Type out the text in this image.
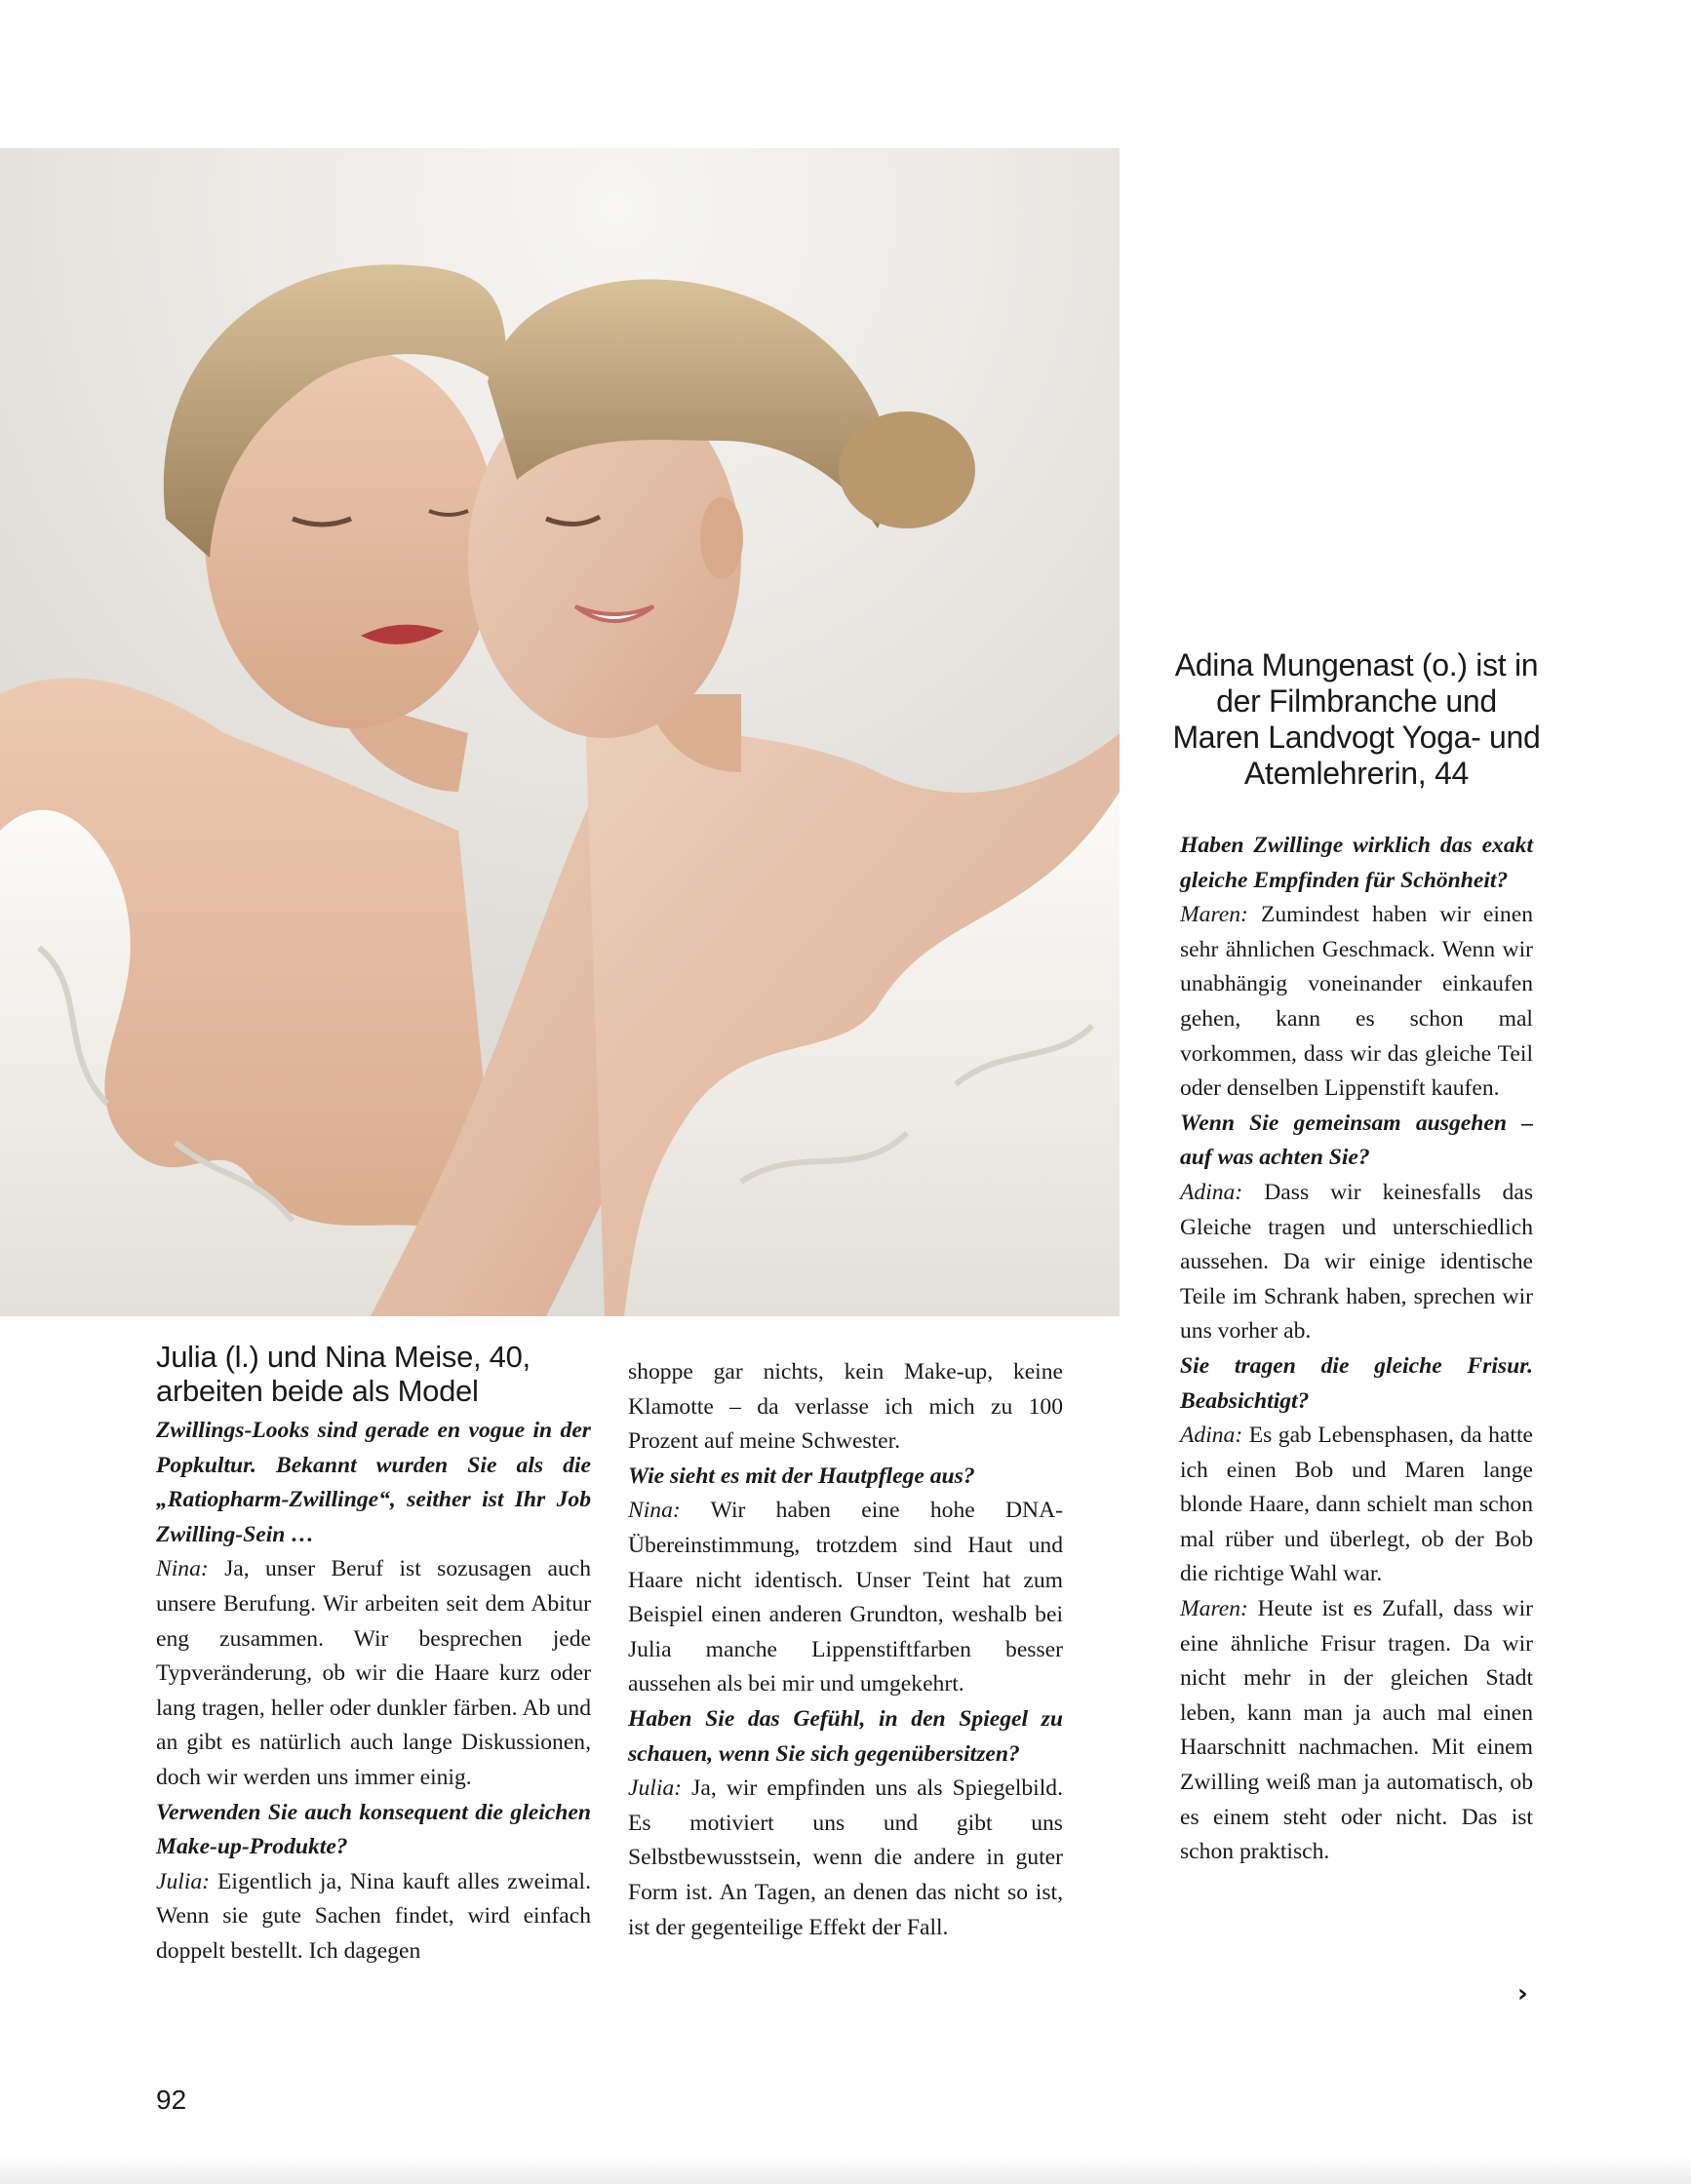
Julia (l.) und Nina Meise, 40, arbeiten beide als Model

Zwillings-Looks sind gerade en vogue in der Popkultur. Bekannt wurden Sie als die „Ratiopharm-Zwillinge“, seither ist Ihr Job Zwilling-Sein …

Nina: Ja, unser Beruf ist sozusagen auch unsere Berufung. Wir arbeiten seit dem Abitur eng zusammen. Wir besprechen jede Typveränderung, ob wir die Haare kurz oder lang tragen, heller oder dunkler färben. Ab und an gibt es natürlich auch lange Diskussionen, doch wir werden uns immer einig.

Verwenden Sie auch konsequent die gleichen Make-up-Produkte?

Julia: Eigentlich ja, Nina kauft alles zweimal. Wenn sie gute Sachen findet, wird einfach doppelt bestellt. Ich dagegen

shoppe gar nichts, kein Make-up, keine Klamotte – da verlasse ich mich zu 100 Prozent auf meine Schwester.

Wie sieht es mit der Hautpflege aus?

Nina: Wir haben eine hohe DNA-Übereinstimmung, trotzdem sind Haut und Haare nicht identisch. Unser Teint hat zum Beispiel einen anderen Grundton, weshalb bei Julia manche Lippenstiftfarben besser aussehen als bei mir und umgekehrt.

Haben Sie das Gefühl, in den Spiegel zu schauen, wenn Sie sich gegenübersitzen?

Julia: Ja, wir empfinden uns als Spiegelbild. Es motiviert uns und gibt uns Selbstbewusstsein, wenn die andere in guter Form ist. An Tagen, an denen das nicht so ist, ist der gegenteilige Effekt der Fall.

Adina Mungenast (o.) ist in der Filmbranche und Maren Landvogt Yoga- und Atemlehrerin, 44

Haben Zwillinge wirklich das exakt gleiche Empfinden für Schönheit?

Maren: Zumindest haben wir einen sehr ähnlichen Geschmack. Wenn wir unabhängig voneinander einkaufen gehen, kann es schon mal vorkommen, dass wir das gleiche Teil oder denselben Lippenstift kaufen.

Wenn Sie gemeinsam ausgehen – auf was achten Sie?

Adina: Dass wir keinesfalls das Gleiche tragen und unterschiedlich aussehen. Da wir einige identische Teile im Schrank haben, sprechen wir uns vorher ab.

Sie tragen die gleiche Frisur. Beabsichtigt?

Adina: Es gab Lebensphasen, da hatte ich einen Bob und Maren lange blonde Haare, dann schielt man schon mal rüber und überlegt, ob der Bob die richtige Wahl war.

Maren: Heute ist es Zufall, dass wir eine ähnliche Frisur tragen. Da wir nicht mehr in der gleichen Stadt leben, kann man ja auch mal einen Haarschnitt nachmachen. Mit einem Zwilling weiß man ja automatisch, ob es einem steht oder nicht. Das ist schon praktisch.

›
92
